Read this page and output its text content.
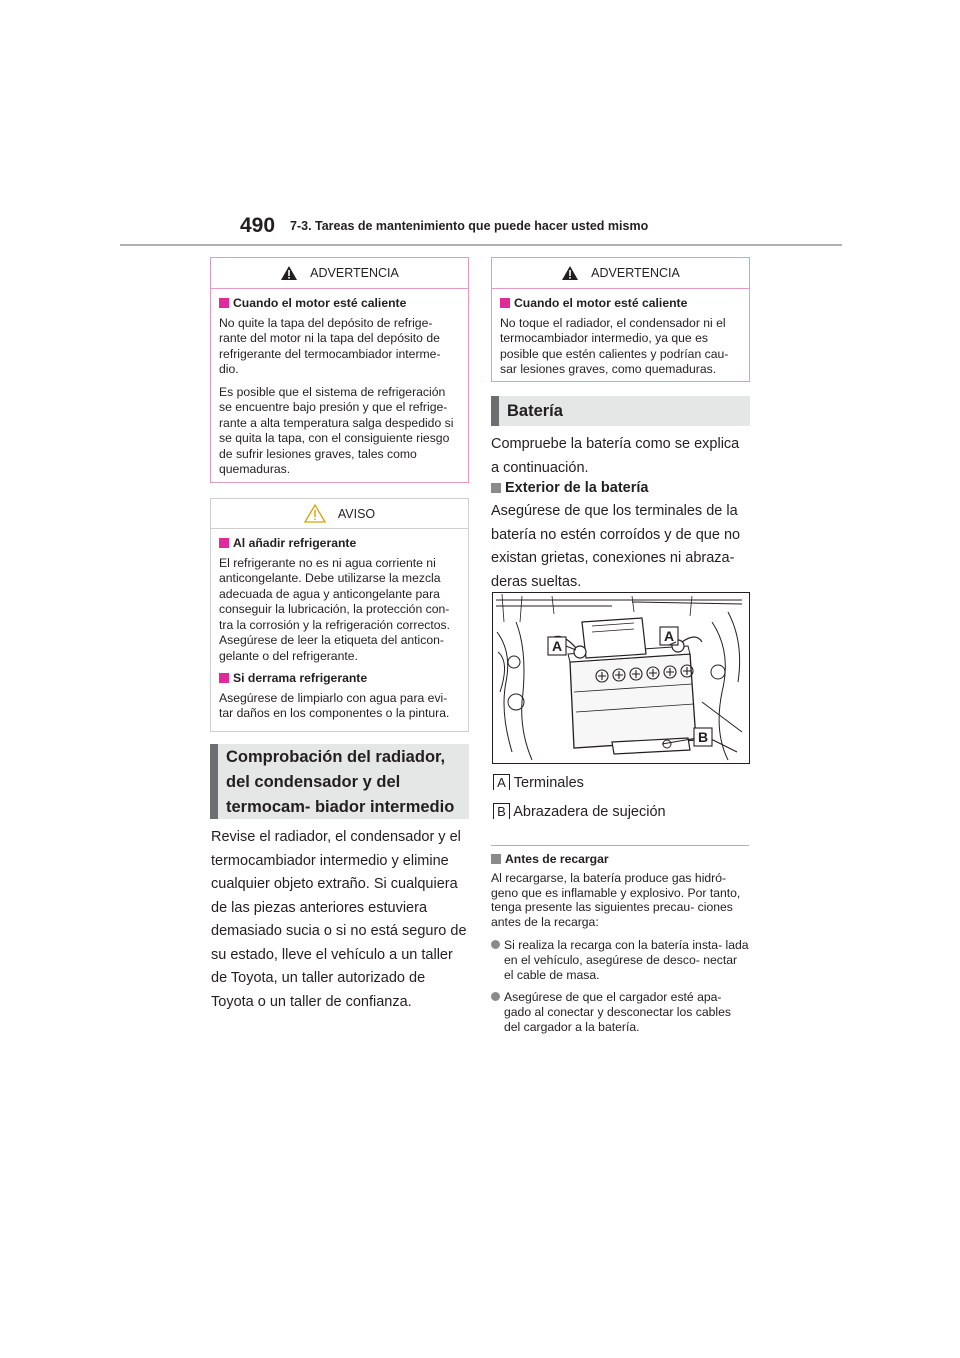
490 7-3. Tareas de mantenimiento que puede hacer usted mismo
ADVERTENCIA
Cuando el motor esté caliente

No quite la tapa del depósito de refrige- rante del motor ni la tapa del depósito de refrigerante del termocambiador interme- dio.

Es posible que el sistema de refrigeración se encuentre bajo presión y que el refrige- rante a alta temperatura salga despedido si se quita la tapa, con el consiguiente riesgo de sufrir lesiones graves, tales como quemaduras.

AVISO
Al añadir refrigerante

El refrigerante no es ni agua corriente ni anticongelante. Debe utilizarse la mezcla adecuada de agua y anticongelante para conseguir la lubricación, la protección con- tra la corrosión y la refrigeración correctos. Asegúrese de leer la etiqueta del anticon- gelante o del refrigerante.

Si derrama refrigerante

Asegúrese de limpiarlo con agua para evi- tar daños en los componentes o la pintura.

Comprobación del radiador, del condensador y del termocam- biador intermedio
Revise el radiador, el condensador y el termocambiador intermedio y elimine cualquier objeto extraño. Si cualquiera de las piezas anteriores estuviera demasiado sucia o si no está seguro de su estado, lleve el vehículo a un taller de Toyota, un taller autorizado de Toyota o un taller de confianza.
ADVERTENCIA
Cuando el motor esté caliente

No toque el radiador, el condensador ni el termocambiador intermedio, ya que es posible que estén calientes y podrían cau- sar lesiones graves, como quemaduras.

Batería
Compruebe la batería como se explica a continuación.
Exterior de la batería
Asegúrese de que los terminales de la batería no estén corroídos y de que no existan grietas, conexiones ni abraza- deras sueltas.
A
A
B
A Terminales
B Abrazadera de sujeción
Antes de recargar
Al recargarse, la batería produce gas hidró- geno que es inflamable y explosivo. Por tanto, tenga presente las siguientes precau- ciones antes de la recarga:
Si realiza la recarga con la batería insta- lada en el vehículo, asegúrese de desco- nectar el cable de masa.
Asegúrese de que el cargador esté apa- gado al conectar y desconectar los cables del cargador a la batería.
